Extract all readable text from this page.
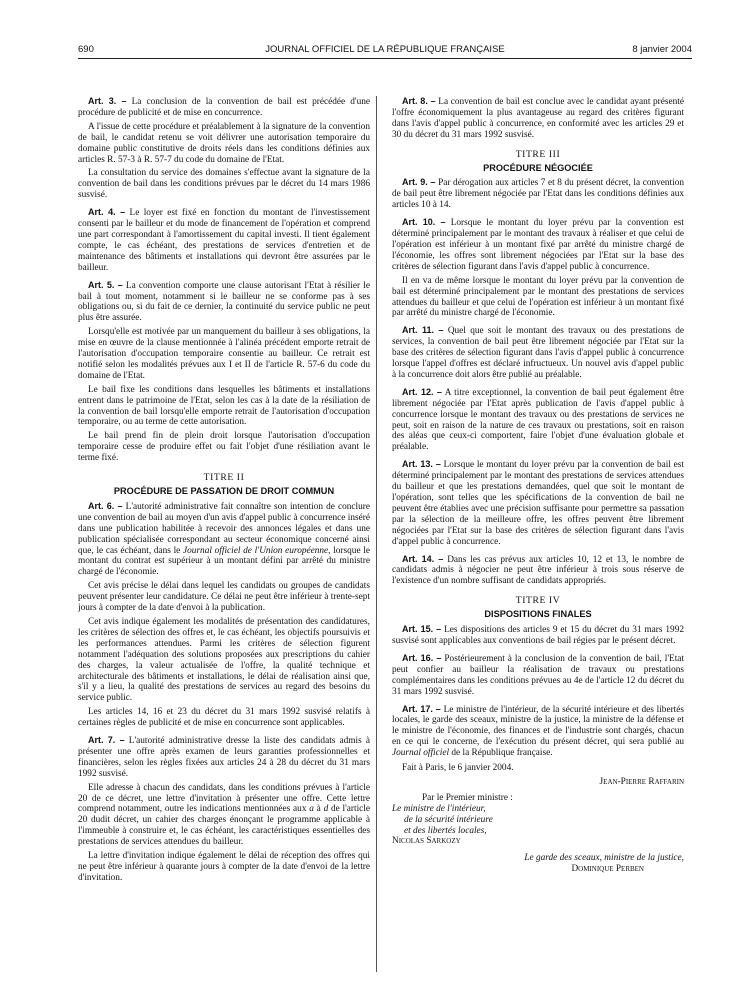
690	JOURNAL OFFICIEL DE LA RÉPUBLIQUE FRANÇAISE	8 janvier 2004

Art. 3. – La conclusion de la convention de bail est précédée d'une procédure de publicité et de mise en concurrence.

A l'issue de cette procédure et préalablement à la signature de la convention de bail, le candidat retenu se voit délivrer une autorisation temporaire du domaine public constitutive de droits réels dans les conditions définies aux articles R. 57-3 à R. 57-7 du code du domaine de l'Etat.

La consultation du service des domaines s'effectue avant la signature de la convention de bail dans les conditions prévues par le décret du 14 mars 1986 susvisé.

Art. 4. – Le loyer est fixé en fonction du montant de l'investissement consenti par le bailleur et du mode de financement de l'opération et comprend une part correspondant à l'amortissement du capital investi. Il tient également compte, le cas échéant, des prestations de services d'entretien et de maintenance des bâtiments et installations qui devront être assurées par le bailleur.

Art. 5. – La convention comporte une clause autorisant l'Etat à résilier le bail à tout moment, notamment si le bailleur ne se conforme pas à ses obligations ou, si du fait de ce dernier, la continuité du service public ne peut plus être assurée.

Lorsqu'elle est motivée par un manquement du bailleur à ses obligations, la mise en œuvre de la clause mentionnée à l'alinéa précédent emporte retrait de l'autorisation d'occupation temporaire consentie au bailleur. Ce retrait est notifié selon les modalités prévues aux I et II de l'article R. 57-6 du code du domaine de l'Etat.

Le bail fixe les conditions dans lesquelles les bâtiments et installations entrent dans le patrimoine de l'Etat, selon les cas à la date de la résiliation de la convention de bail lorsqu'elle emporte retrait de l'autorisation d'occupation temporaire, ou au terme de cette autorisation.

Le bail prend fin de plein droit lorsque l'autorisation d'occupation temporaire cesse de produire effet ou fait l'objet d'une résiliation avant le terme fixé.

TITRE II
PROCÉDURE DE PASSATION DE DROIT COMMUN

Art. 6. – L'autorité administrative fait connaître son intention de conclure une convention de bail au moyen d'un avis d'appel public à concurrence inséré dans une publication habilitée à recevoir des annonces légales et dans une publication spécialisée correspondant au secteur économique concerné ainsi que, le cas échéant, dans le Journal officiel de l'Union européenne, lorsque le montant du contrat est supérieur à un montant défini par arrêté du ministre chargé de l'économie.

Cet avis précise le délai dans lequel les candidats ou groupes de candidats peuvent présenter leur candidature. Ce délai ne peut être inférieur à trente-sept jours à compter de la date d'envoi à la publication.

Cet avis indique également les modalités de présentation des candidatures, les critères de sélection des offres et, le cas échéant, les objectifs poursuivis et les performances attendues. Parmi les critères de sélection figurent notamment l'adéquation des solutions proposées aux prescriptions du cahier des charges, la valeur actualisée de l'offre, la qualité technique et architecturale des bâtiments et installations, le délai de réalisation ainsi que, s'il y a lieu, la qualité des prestations de services au regard des besoins du service public.

Les articles 14, 16 et 23 du décret du 31 mars 1992 susvisé relatifs à certaines règles de publicité et de mise en concurrence sont applicables.

Art. 7. – L'autorité administrative dresse la liste des candidats admis à présenter une offre après examen de leurs garanties professionnelles et financières, selon les règles fixées aux articles 24 à 28 du décret du 31 mars 1992 susvisé.

Elle adresse à chacun des candidats, dans les conditions prévues à l'article 20 de ce décret, une lettre d'invitation à présenter une offre. Cette lettre comprend notamment, outre les indications mentionnées aux a à d de l'article 20 dudit décret, un cahier des charges énonçant le programme applicable à l'immeuble à construire et, le cas échéant, les caractéristiques essentielles des prestations de services attendues du bailleur.

La lettre d'invitation indique également le délai de réception des offres qui ne peut être inférieur à quarante jours à compter de la date d'envoi de la lettre d'invitation.

Art. 8. – La convention de bail est conclue avec le candidat ayant présenté l'offre économiquement la plus avantageuse au regard des critères figurant dans l'avis d'appel public à concurrence, en conformité avec les articles 29 et 30 du décret du 31 mars 1992 susvisé.

TITRE III
PROCÉDURE NÉGOCIÉE

Art. 9. – Par dérogation aux articles 7 et 8 du présent décret, la convention de bail peut être librement négociée par l'Etat dans les conditions définies aux articles 10 à 14.

Art. 10. – Lorsque le montant du loyer prévu par la convention est déterminé principalement par le montant des travaux à réaliser et que celui de l'opération est inférieur à un montant fixé par arrêté du ministre chargé de l'économie, les offres sont librement négociées par l'Etat sur la base des critères de sélection figurant dans l'avis d'appel public à concurrence.

Il en va de même lorsque le montant du loyer prévu par la convention de bail est déterminé principalement par le montant des prestations de services attendues du bailleur et que celui de l'opération est inférieur à un montant fixé par arrêté du ministre chargé de l'économie.

Art. 11. – Quel que soit le montant des travaux ou des prestations de services, la convention de bail peut être librement négociée par l'Etat sur la base des critères de sélection figurant dans l'avis d'appel public à concurrence lorsque l'appel d'offres est déclaré infructueux. Un nouvel avis d'appel public à la concurrence doit alors être publié au préalable.

Art. 12. – A titre exceptionnel, la convention de bail peut également être librement négociée par l'Etat après publication de l'avis d'appel public à concurrence lorsque le montant des travaux ou des prestations de services ne peut, soit en raison de la nature de ces travaux ou prestations, soit en raison des aléas que ceux-ci comportent, faire l'objet d'une évaluation globale et préalable.

Art. 13. – Lorsque le montant du loyer prévu par la convention de bail est déterminé principalement par le montant des prestations de services attendues du bailleur et que les prestations demandées, quel que soit le montant de l'opération, sont telles que les spécifications de la convention de bail ne peuvent être établies avec une précision suffisante pour permettre sa passation par la sélection de la meilleure offre, les offres peuvent être librement négociées par l'Etat sur la base des critères de sélection figurant dans l'avis d'appel public à concurrence.

Art. 14. – Dans les cas prévus aux articles 10, 12 et 13, le nombre de candidats admis à négocier ne peut être inférieur à trois sous réserve de l'existence d'un nombre suffisant de candidats appropriés.

TITRE IV
DISPOSITIONS FINALES

Art. 15. – Les dispositions des articles 9 et 15 du décret du 31 mars 1992 susvisé sont applicables aux conventions de bail régies par le présent décret.

Art. 16. – Postérieurement à la conclusion de la convention de bail, l'Etat peut confier au bailleur la réalisation de travaux ou prestations complémentaires dans les conditions prévues au 4e de l'article 12 du décret du 31 mars 1992 susvisé.

Art. 17. – Le ministre de l'intérieur, de la sécurité intérieure et des libertés locales, le garde des sceaux, ministre de la justice, la ministre de la défense et le ministre de l'économie, des finances et de l'industrie sont chargés, chacun en ce qui le concerne, de l'exécution du présent décret, qui sera publié au Journal officiel de la République française.

Fait à Paris, le 6 janvier 2004.

Jean-Pierre Raffarin

Par le Premier ministre :

Le ministre de l'intérieur,
de la sécurité intérieure
et des libertés locales,
Nicolas Sarkozy

Le garde des sceaux, ministre de la justice,
Dominique Perben
